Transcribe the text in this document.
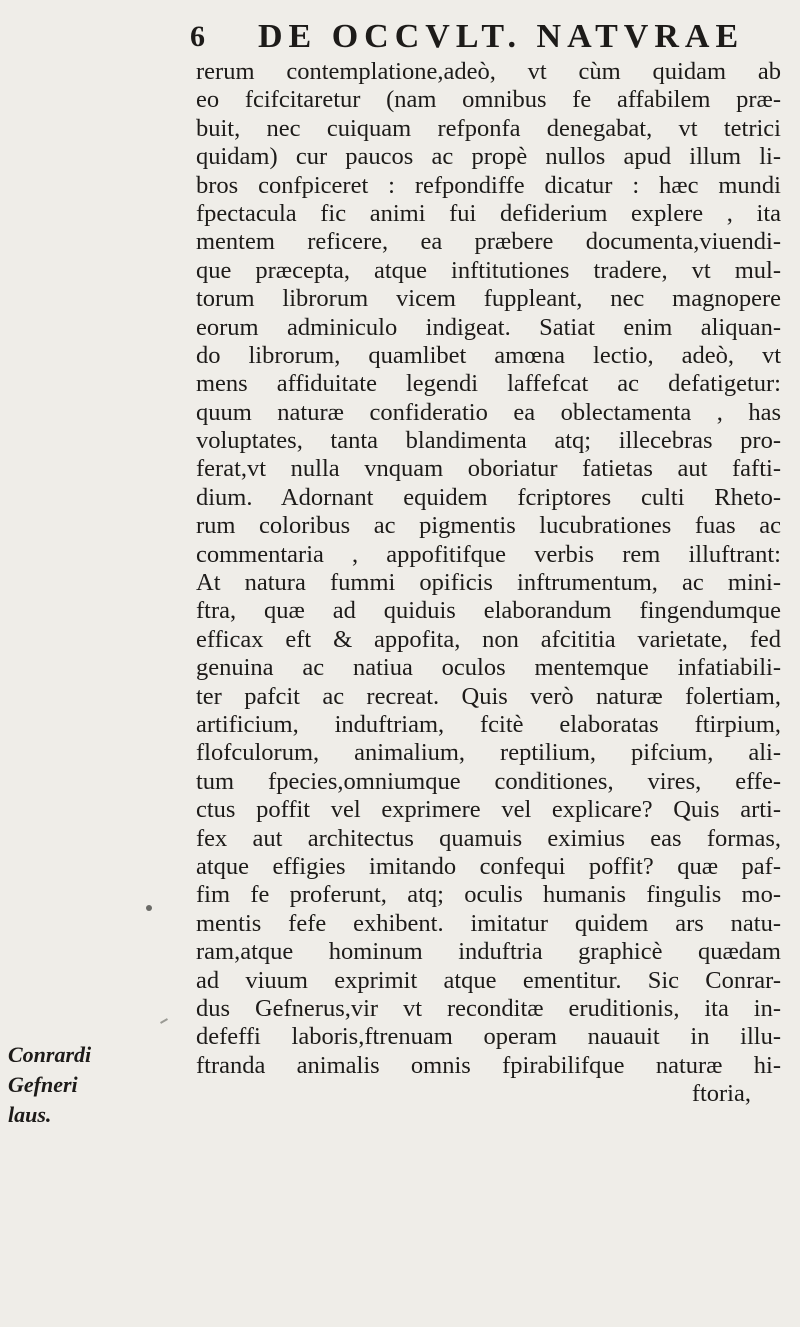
6 DE OCCVLT. NATVRAE
rerum contemplatione,adeò, vt cùm quidam ab
eo fcifcitaretur (nam omnibus fe affabilem præ-
buit, nec cuiquam refponfa denegabat, vt tetrici
quidam) cur paucos ac propè nullos apud illum li-
bros confpiceret : refpondiffe dicatur : hæc mundi
fpectacula fic animi fui defiderium explere , ita
mentem reficere, ea præbere documenta,viuendi-
que præcepta, atque inftitutiones tradere, vt mul-
torum librorum vicem fuppleant, nec magnopere
eorum adminiculo indigeat. Satiat enim aliquan-
do librorum, quamlibet amœna lectio, adeò, vt
mens affiduitate legendi laffefcat ac defatigetur:
quum naturæ confideratio ea oblectamenta , has
voluptates, tanta blandimenta atq; illecebras pro-
ferat,vt nulla vnquam oboriatur fatietas aut fafti-
dium. Adornant equidem fcriptores culti Rheto-
rum coloribus ac pigmentis lucubrationes fuas ac
commentaria , appofitifque verbis rem illuftrant:
At natura fummi opificis inftrumentum, ac mini-
ftra, quæ ad quiduis elaborandum fingendumque
efficax eft & appofita, non afcititia varietate, fed
genuina ac natiua oculos mentemque infatiabili-
ter pafcit ac recreat. Quis verò naturæ folertiam,
artificium, induftriam, fcitè elaboratas ftirpium,
flofculorum, animalium, reptilium, pifcium, ali-
tum fpecies,omniumque conditiones, vires, effe-
ctus poffit vel exprimere vel explicare? Quis arti-
fex aut architectus quamuis eximius eas formas,
atque effigies imitando confequi poffit? quæ paf-
fim fe proferunt, atq; oculis humanis fingulis mo-
mentis fefe exhibent. imitatur quidem ars natu-
ram,atque hominum induftria graphicè quædam
ad viuum exprimit atque ementitur. Sic Conrar-
dus Gefnerus,vir vt reconditæ eruditionis, ita in-
defeffi laboris,ftrenuam operam nauauit in illu-
ftranda animalis omnis fpirabilifque naturæ hi-
ftoria,
Conrardi
Gefneri
laus.
